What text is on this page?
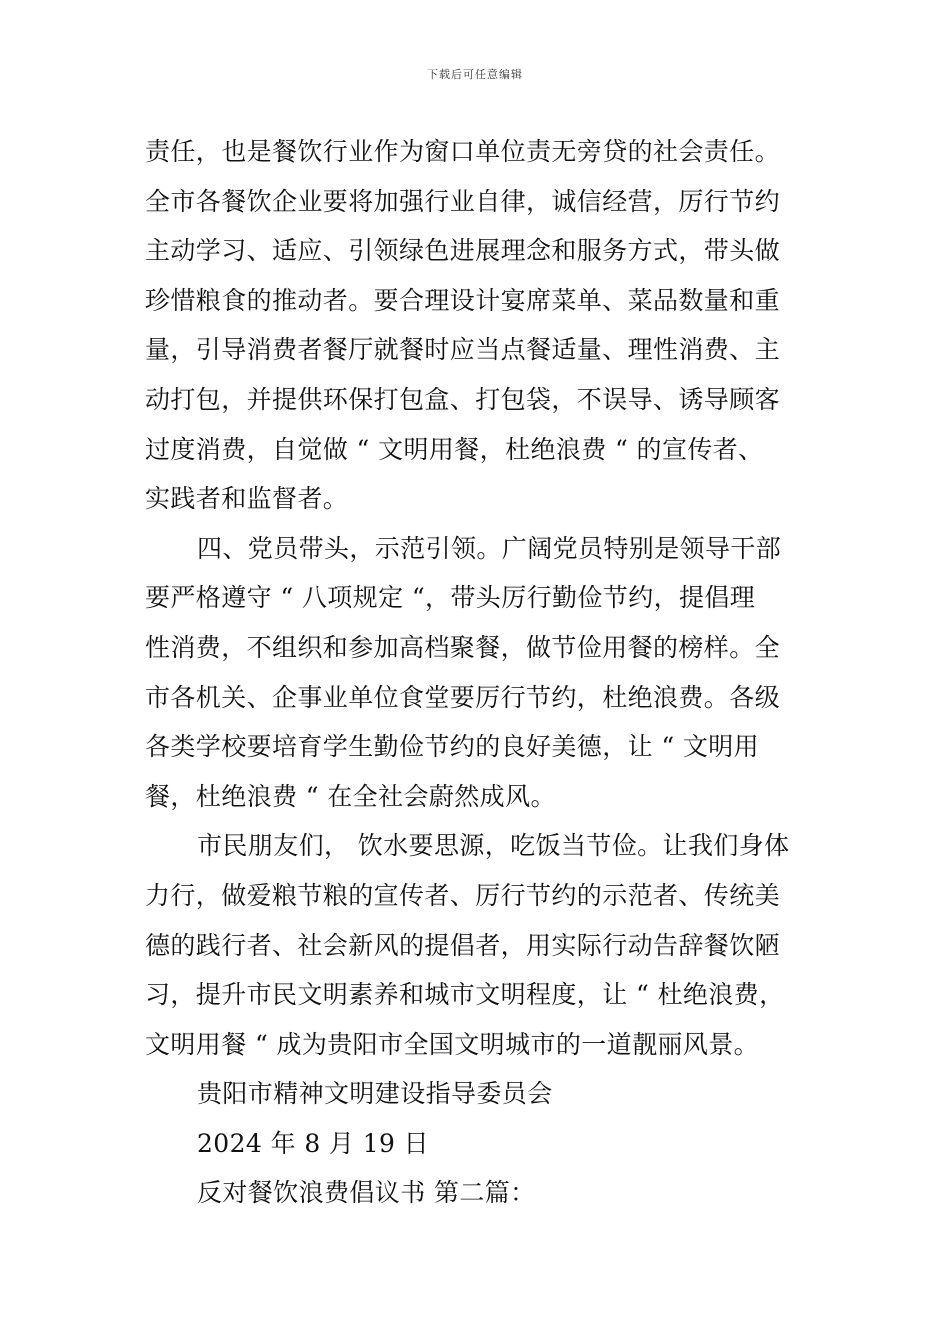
下载后可任意编辑
责任，也是餐饮行业作为窗口单位责无旁贷的社会责任。
全市各餐饮企业要将加强行业自律，诚信经营，厉行节约
主动学习、适应、引领绿色进展理念和服务方式，带头做
珍惜粮食的推动者。要合理设计宴席菜单、菜品数量和重
量，引导消费者餐厅就餐时应当点餐适量、理性消费、主
动打包，并提供环保打包盒、打包袋，不误导、诱导顾客
过度消费，自觉做 “ 文明用餐，杜绝浪费 “ 的宣传者、
实践者和监督者。
四、党员带头，示范引领。广阔党员特别是领导干部
要严格遵守 “ 八项规定 “，带头厉行勤俭节约，提倡理
性消费，不组织和参加高档聚餐，做节俭用餐的榜样。全
市各机关、企事业单位食堂要厉行节约，杜绝浪费。各级
各类学校要培育学生勤俭节约的良好美德，让 “ 文明用
餐，杜绝浪费 “ 在全社会蔚然成风。
市民朋友们， 饮水要思源，吃饭当节俭。让我们身体
力行，做爱粮节粮的宣传者、厉行节约的示范者、传统美
德的践行者、社会新风的提倡者，用实际行动告辞餐饮陋
习，提升市民文明素养和城市文明程度，让 “ 杜绝浪费，
文明用餐 “ 成为贵阳市全国文明城市的一道靓丽风景。
贵阳市精神文明建设指导委员会
2024 年 8 月 19 日
反对餐饮浪费倡议书 第二篇：
